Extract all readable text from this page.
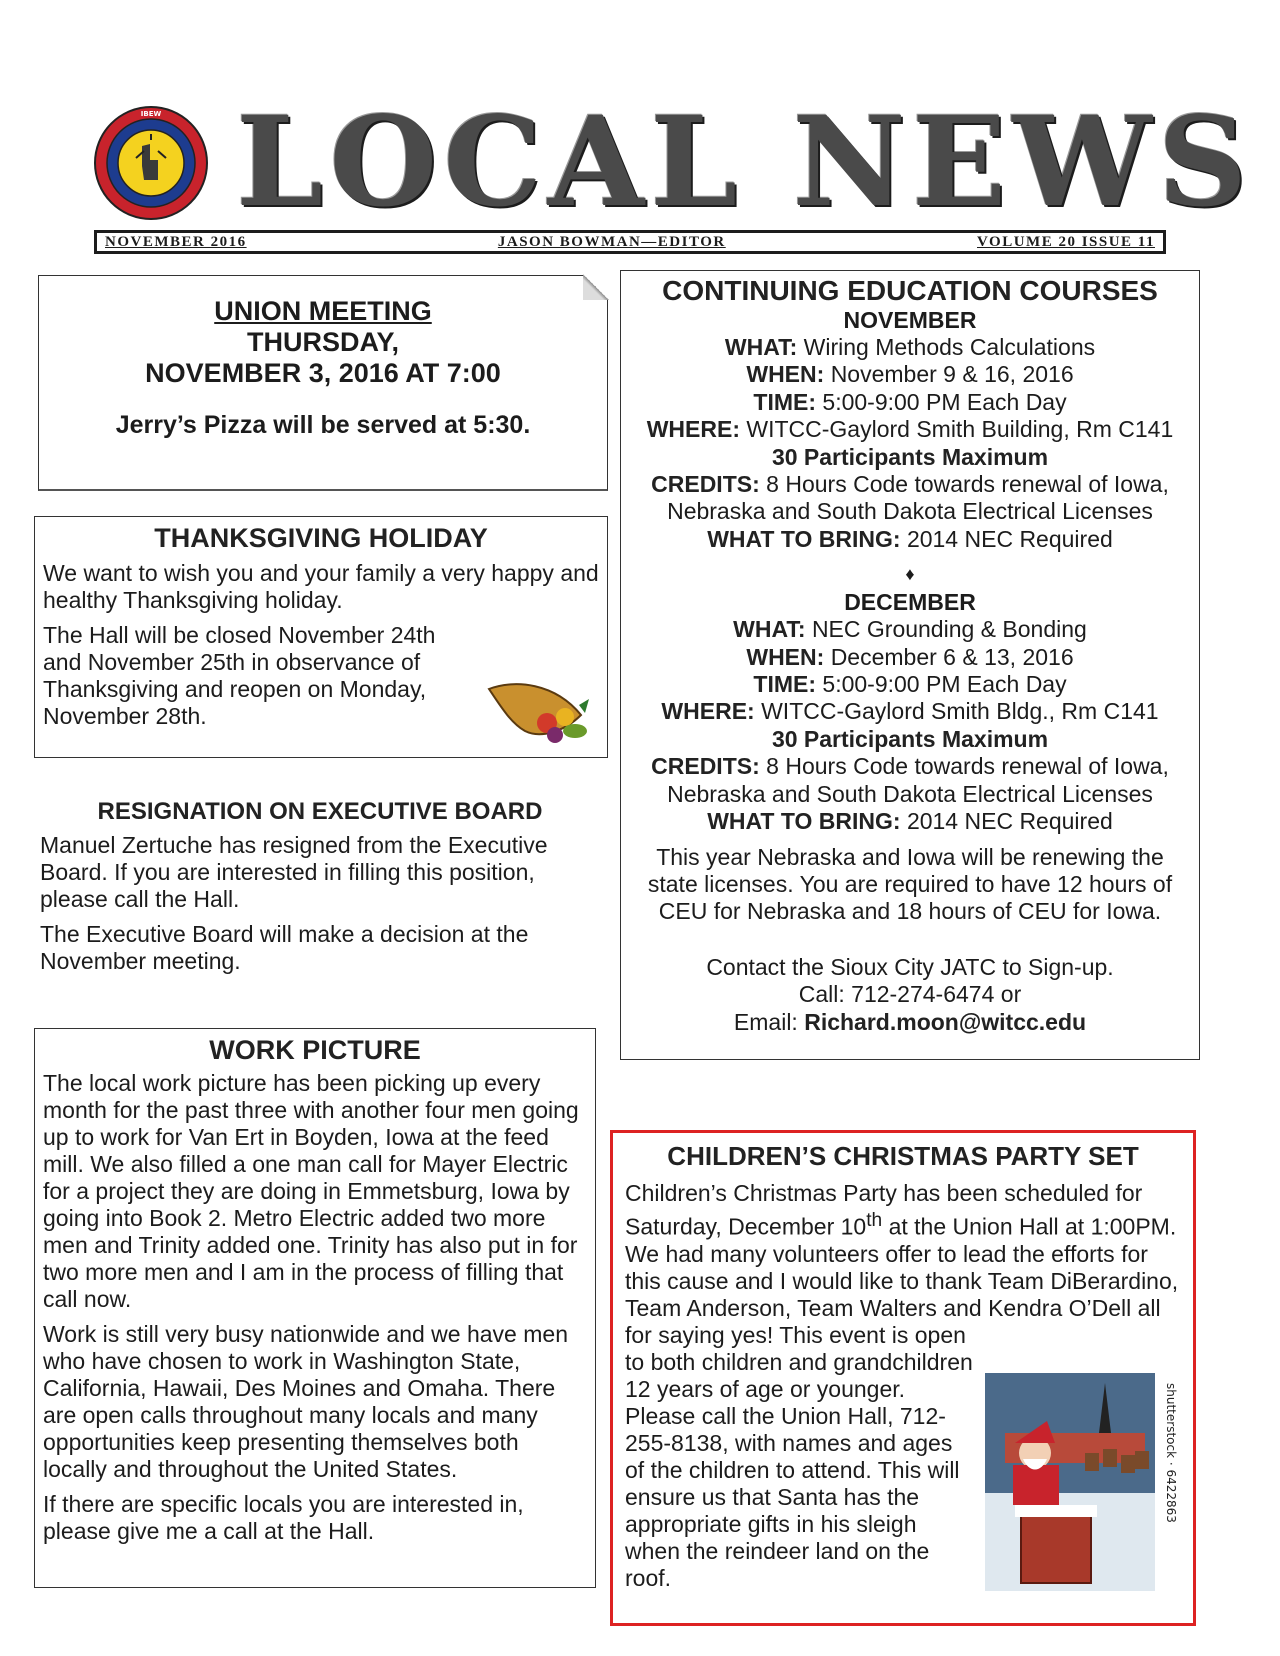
IBEW LOCAL NEWS
NOVEMBER 2016	JASON BOWMAN—EDITOR	VOLUME 20 ISSUE 11
UNION MEETING
THURSDAY,
NOVEMBER 3, 2016 AT 7:00
Jerry’s Pizza will be served at 5:30.
THANKSGIVING HOLIDAY

We want to wish you and your family a very happy and healthy Thanksgiving holiday.

The Hall will be closed November 24th and November 25th in observance of Thanksgiving and reopen on Monday, November 28th.

RESIGNATION ON EXECUTIVE BOARD

Manuel Zertuche has resigned from the Executive Board. If you are interested in filling this position, please call the Hall.

The Executive Board will make a decision at the November meeting.

WORK PICTURE

The local work picture has been picking up every month for the past three with another four men going up to work for Van Ert in Boyden, Iowa at the feed mill. We also filled a one man call for Mayer Electric for a project they are doing in Emmetsburg, Iowa by going into Book 2. Metro Electric added two more men and Trinity added one. Trinity has also put in for two more men and I am in the process of filling that call now.

Work is still very busy nationwide and we have men who have chosen to work in Washington State, California, Hawaii, Des Moines and Omaha. There are open calls throughout many locals and many opportunities keep presenting themselves both locally and throughout the United States.

If there are specific locals you are interested in, please give me a call at the Hall.

CONTINUING EDUCATION COURSES
NOVEMBER
WHAT: Wiring Methods Calculations
WHEN: November 9 & 16, 2016
TIME: 5:00-9:00 PM Each Day
WHERE: WITCC-Gaylord Smith Building, Rm C141
30 Participants Maximum
CREDITS: 8 Hours Code towards renewal of Iowa,
Nebraska and South Dakota Electrical Licenses
WHAT TO BRING: 2014 NEC Required
♦
DECEMBER
WHAT: NEC Grounding & Bonding
WHEN: December 6 & 13, 2016
TIME: 5:00-9:00 PM Each Day
WHERE: WITCC-Gaylord Smith Bldg., Rm C141
30 Participants Maximum
CREDITS: 8 Hours Code towards renewal of Iowa,
Nebraska and South Dakota Electrical Licenses
WHAT TO BRING: 2014 NEC Required

This year Nebraska and Iowa will be renewing the state licenses. You are required to have 12 hours of CEU for Nebraska and 18 hours of CEU for Iowa.

Contact the Sioux City JATC to Sign-up.
Call: 712-274-6474 or
Email: Richard.moon@witcc.edu
CHILDREN’S CHRISTMAS PARTY SET

Children’s Christmas Party has been scheduled for Saturday, December 10th at the Union Hall at 1:00PM. We had many volunteers offer to lead the efforts for this cause and I would like to thank Team DiBerardino, Team Anderson, Team Walters and Kendra O’Dell all for saying yes! This event is open

to both children and grandchildren 12 years of age or younger. Please call the Union Hall, 712-255-8138, with names and ages of the children to attend. This will ensure us that Santa has the appropriate gifts in his sleigh when the reindeer land on the roof.

shutterstock · 6422863
